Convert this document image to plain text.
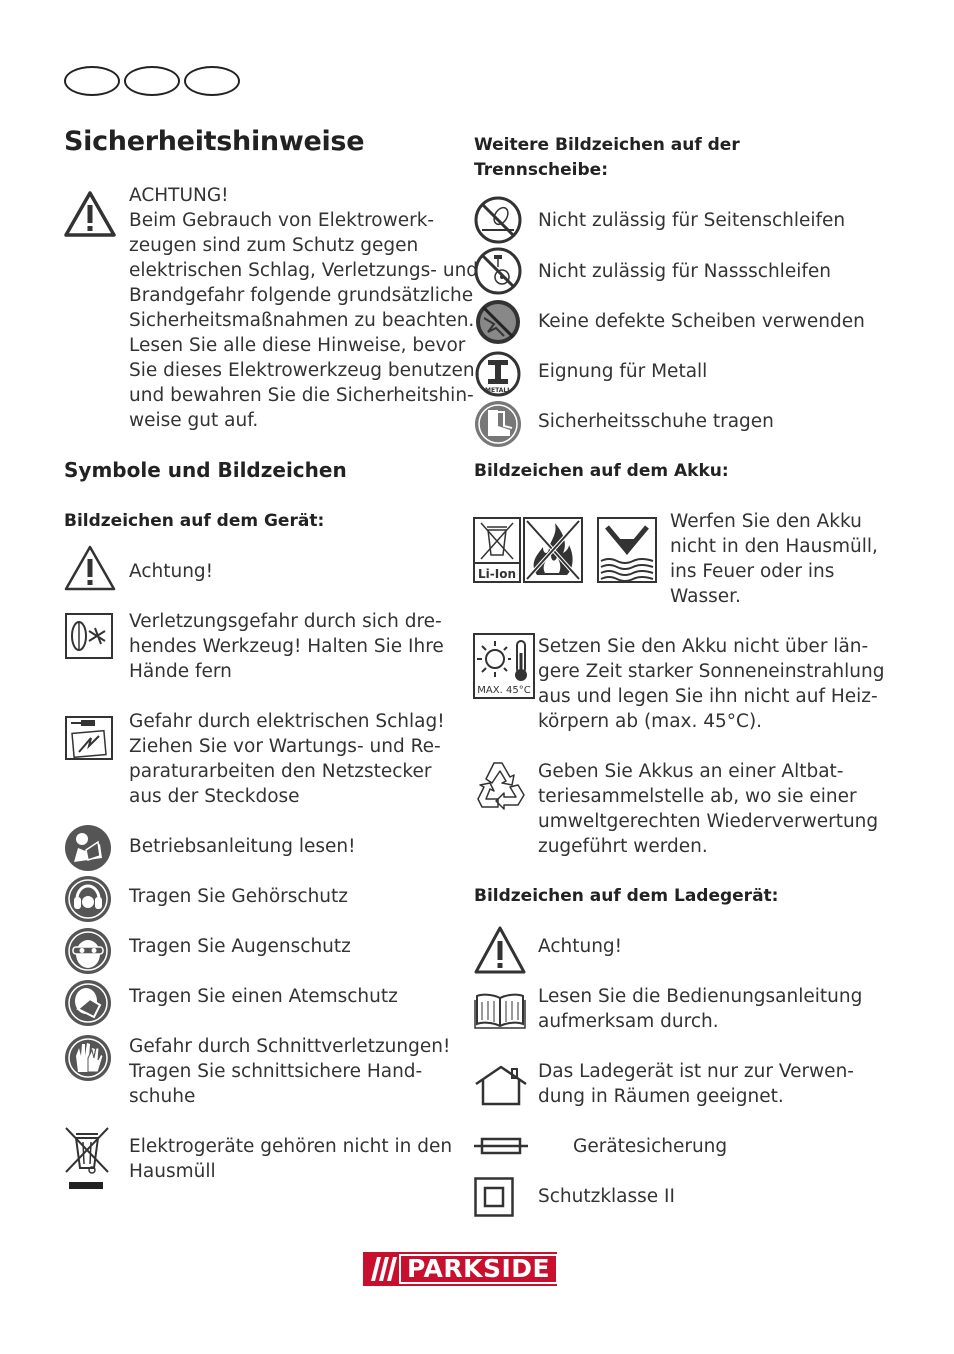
Sicherheitshinweise
ACHTUNG!
Beim Gebrauch von Elektrowerk-
zeugen sind zum Schutz gegen
elektrischen Schlag, Verletzungs- und
Brandgefahr folgende grundsätzliche
Sicherheitsmaßnahmen zu beachten.
Lesen Sie alle diese Hinweise, bevor
Sie dieses Elektrowerkzeug benutzen,
und bewahren Sie die Sicherheitshin-
weise gut auf.
Symbole und Bildzeichen
Bildzeichen auf dem Gerät:
Achtung!
Verletzungsgefahr durch sich dre-
hendes Werkzeug! Halten Sie Ihre
Hände fern
Gefahr durch elektrischen Schlag!
Ziehen Sie vor Wartungs- und Re-
paraturarbeiten den Netzstecker
aus der Steckdose
Betriebsanleitung lesen!
Tragen Sie Gehörschutz
Tragen Sie Augenschutz
Tragen Sie einen Atemschutz
Gefahr durch Schnittverletzungen!
Tragen Sie schnittsichere Hand-
schuhe
Elektrogeräte gehören nicht in den
Hausmüll
Weitere Bildzeichen auf der
Trennscheibe:
Nicht zulässig für Seitenschleifen
Nicht zulässig für Nassschleifen
Keine defekte Scheiben verwenden
METALL
Eignung für Metall
Sicherheitsschuhe tragen
Bildzeichen auf dem Akku:
Li-Ion
Werfen Sie den Akku
nicht in den Hausmüll,
ins Feuer oder ins
Wasser.
MAX. 45°C
Setzen Sie den Akku nicht über län-
gere Zeit starker Sonneneinstrahlung
aus und legen Sie ihn nicht auf Heiz-
körpern ab (max. 45°C).
Geben Sie Akkus an einer Altbat-
teriesammelstelle ab, wo sie einer
umweltgerechten Wiederverwertung
zugeführt werden.
Bildzeichen auf dem Ladegerät:
Achtung!
Lesen Sie die Bedienungsanleitung
aufmerksam durch.
Das Ladegerät ist nur zur Verwen-
dung in Räumen geeignet.
Gerätesicherung
Schutzklasse II
PARKSIDE
